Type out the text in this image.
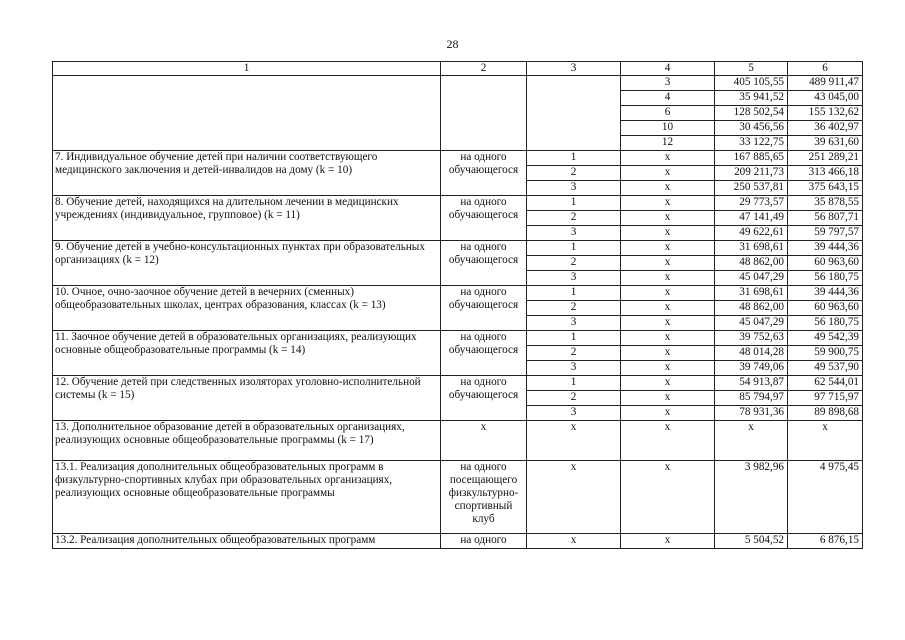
28
1	2	3	4	5	6
			3	405 105,55	489 911,47
			4	35 941,52	43 045,00
			6	128 502,54	155 132,62
			10	30 456,56	36 402,97
			12	33 122,75	39 631,60
7. Индивидуальное обучение детей при наличии соответствующего медицинского заключения и детей-инвалидов на дому (k = 10)	на одного обучающегося	1	х	167 885,65	251 289,21
		2	х	209 211,73	313 466,18
		3	х	250 537,81	375 643,15
8. Обучение детей, находящихся на длительном лечении в медицинских учреждениях (индивидуальное, групповое) (k = 11)	на одного обучающегося	1	х	29 773,57	35 878,55
		2	х	47 141,49	56 807,71
		3	х	49 622,61	59 797,57
9. Обучение детей в учебно-консультационных пунктах при образовательных организациях (k = 12)	на одного обучающегося	1	х	31 698,61	39 444,36
		2	х	48 862,00	60 963,60
		3	х	45 047,29	56 180,75
10. Очное, очно-заочное обучение детей в вечерних (сменных) общеобразовательных школах, центрах образования, классах (k = 13)	на одного обучающегося	1	х	31 698,61	39 444,36
		2	х	48 862,00	60 963,60
		3	х	45 047,29	56 180,75
11. Заочное обучение детей в образовательных организациях, реализующих основные общеобразовательные программы (k = 14)	на одного обучающегося	1	х	39 752,63	49 542,39
		2	х	48 014,28	59 900,75
		3	х	39 749,06	49 537,90
12. Обучение детей при следственных изоляторах уголовно-исполнительной системы (k = 15)	на одного обучающегося	1	х	54 913,87	62 544,01
		2	х	85 794,97	97 715,97
		3	х	78 931,36	89 898,68
13. Дополнительное образование детей в образовательных организациях, реализующих основные общеобразовательные программы (k = 17)	х	х	х	х	х
13.1. Реализация дополнительных общеобразовательных программ в физкультурно-спортивных клубах при образовательных организациях, реализующих основные общеобразовательные программы	на одного посещающего физкультурно-спортивный клуб	х	х	3 982,96	4 975,45
13.2. Реализация дополнительных общеобразовательных программ	на одного	х	х	5 504,52	6 876,15
